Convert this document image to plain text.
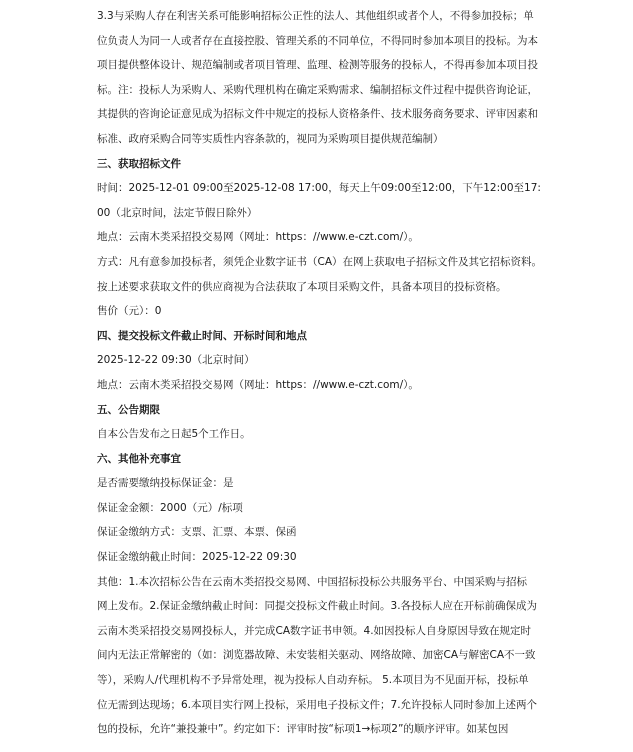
3.3与采购人存在利害关系可能影响招标公正性的法人、其他组织或者个人，不得参加投标；单
位负责人为同一人或者存在直接控股、管理关系的不同单位，不得同时参加本项目的投标。为本
项目提供整体设计、规范编制或者项目管理、监理、检测等服务的投标人，不得再参加本项目投
标。注：投标人为采购人、采购代理机构在确定采购需求、编制招标文件过程中提供咨询论证，
其提供的咨询论证意见成为招标文件中规定的投标人资格条件、技术服务商务要求、评审因素和
标准、政府采购合同等实质性内容条款的，视同为采购项目提供规范编制）
三、获取招标文件
时间：2025-12-01 09:00至2025-12-08 17:00，每天上午09:00至12:00，下午12:00至17:
00（北京时间，法定节假日除外）
地点：云南木类采招投交易网（网址：https：//www.e-czt.com/）。
方式：凡有意参加投标者，须凭企业数字证书（CA）在网上获取电子招标文件及其它招标资料。
按上述要求获取文件的供应商视为合法获取了本项目采购文件，具备本项目的投标资格。
售价（元）：0
四、提交投标文件截止时间、开标时间和地点
2025-12-22 09:30（北京时间）
地点：云南木类采招投交易网（网址：https：//www.e-czt.com/）。
五、公告期限
自本公告发布之日起5个工作日。
六、其他补充事宜
是否需要缴纳投标保证金：是
保证金金额：2000（元）/标项
保证金缴纳方式：支票、汇票、本票、保函
保证金缴纳截止时间：2025-12-22 09:30
其他：1.本次招标公告在云南木类招投交易网、中国招标投标公共服务平台、中国采购与招标
网上发布。2.保证金缴纳截止时间：同提交投标文件截止时间。3.各投标人应在开标前确保成为
云南木类采招投交易网投标人，并完成CA数字证书申领。4.如因投标人自身原因导致在规定时
间内无法正常解密的（如：浏览器故障、未安装相关驱动、网络故障、加密CA与解密CA不一致
等），采购人/代理机构不予异常处理，视为投标人自动弃标。 5.本项目为不见面开标，投标单
位无需到达现场；6.本项目实行网上投标，采用电子投标文件；7.允许投标人同时参加上述两个
包的投标，允许“兼投兼中”。约定如下：评审时按“标项1→标项2”的顺序评审。如某包因
